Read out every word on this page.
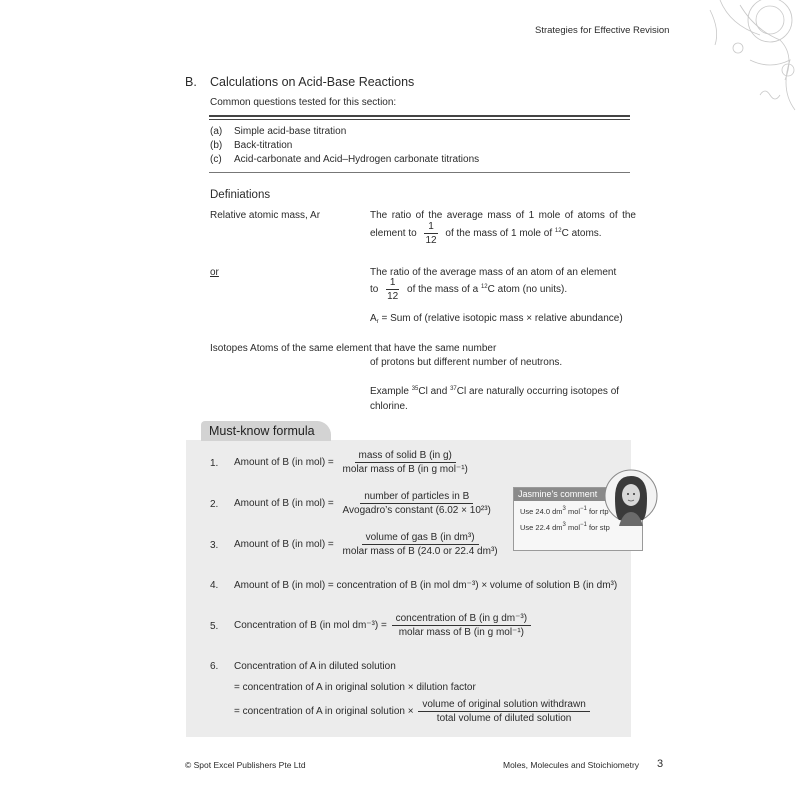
Strategies for Effective Revision
B. Calculations on Acid-Base Reactions
Common questions tested for this section:
(a) Simple acid-base titration
(b) Back-titration
(c) Acid-carbonate and Acid–Hydrogen carbonate titrations
Definiations
Relative atomic mass, Ar	The ratio of the average mass of 1 mole of atoms of the
element to $\frac{1}{12}$ of the mass of 1 mole of $^{12}$C atoms.
or	The ratio of the average mass of an atom of an element
to $\frac{1}{12}$ of the mass of a $^{12}$C atom (no units).
$A_r$ = Sum of (relative isotopic mass × relative abundance)
Isotopes Atoms of the same element that have the same number
of protons but different number of neutrons.
Example $^{35}$Cl and $^{37}$Cl are naturally occurring isotopes of
chlorine.
Must-know formula
1. Amount of B (in $mol) = \frac{\text{mass of solid B (in g)}}{\text{molar mass of B (in g mol⁻¹)}}$
2. Amount of B (in $mol) = \frac{\text{number of particles in B}}{\text{Avogadro’s constant (6.02 × 10²³)}}$
3. Amount of B (in $mol) = \frac{\text{volume of gas B (in dm³)}}{\text{molar mass of B (24.0 or 22.4 dm³)}}$
Jasmine's comment
Use 24.0 $dm^3$ mol$^{-1}$ for rtp
Use 22.4 $dm^3$ mol$^{-1}$ for stp
4. Amount of B (in mol) = concentration of B (in mol dm⁻³) × volume of solution B (in dm³)
5. Concentration of B (in mol $dm^{-3}) = \frac{\text{concentration of B (in g dm⁻³)}}{\text{molar mass of B (in g mol⁻¹)}}$
6. Concentration of A in diluted solution
= concentration of A in original solution × dilution factor
= concentration of A in original solution × $\frac{\text{volume of original solution withdrawn}}{\text{total volume of diluted solution}}$
© Spot Excel Publishers Pte Ltd	Moles, Molecules and Stoichiometry 3
